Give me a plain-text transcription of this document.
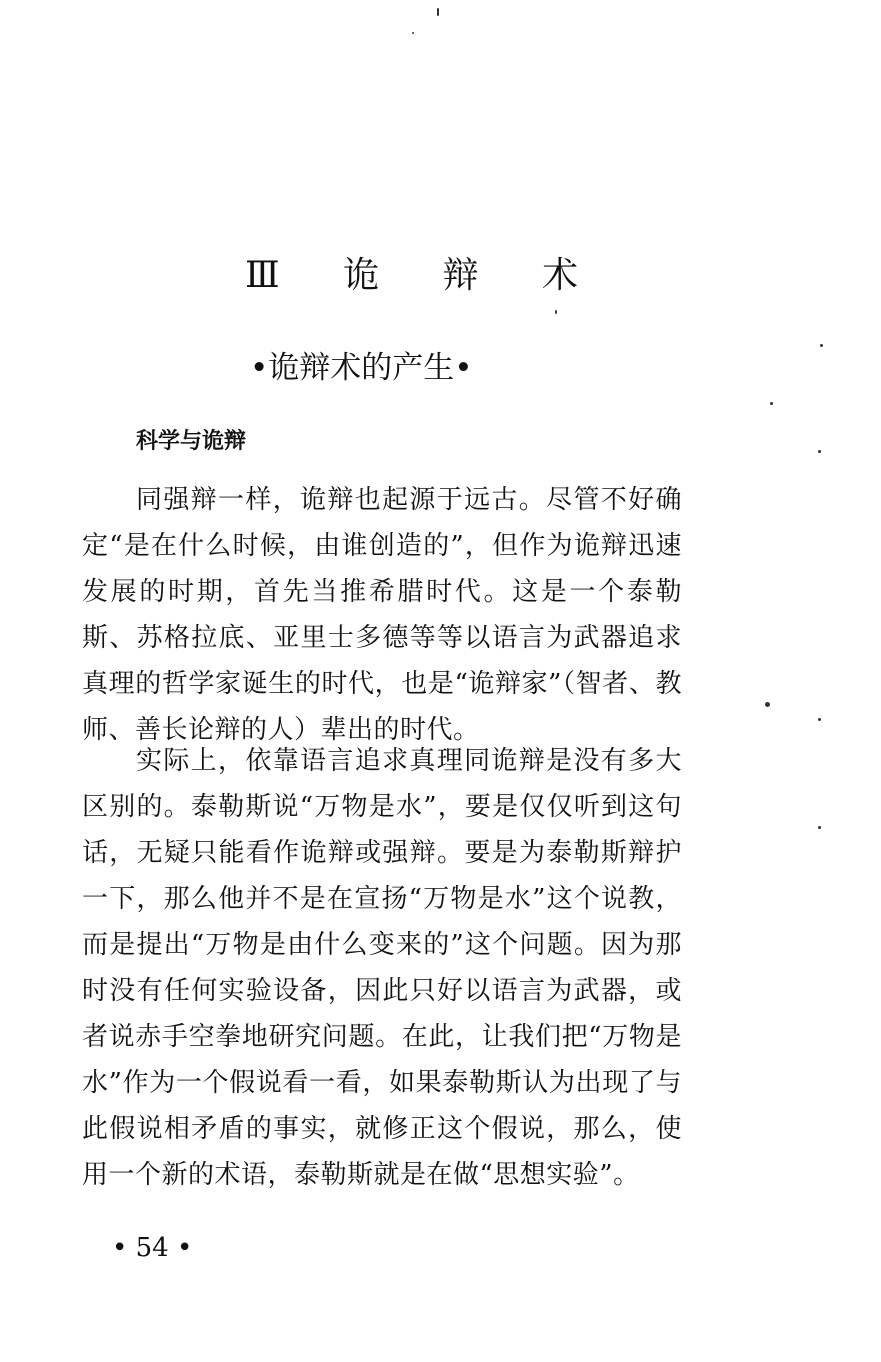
Ⅲ 诡 辩 术
•诡辩术的产生•
科学与诡辩

同强辩一样，诡辩也起源于远古。尽管不好确定“是在什么时候，由谁创造的”，但作为诡辩迅速发展的时期，首先当推希腊时代。这是一个泰勒斯、苏格拉底、亚里士多德等等以语言为武器追求真理的哲学家诞生的时代，也是“诡辩家”（智者、教师、善长论辩的人）辈出的时代。

实际上，依靠语言追求真理同诡辩是没有多大区别的。泰勒斯说“万物是水”，要是仅仅听到这句话，无疑只能看作诡辩或强辩。要是为泰勒斯辩护一下，那么他并不是在宣扬“万物是水”这个说教，而是提出“万物是由什么变来的”这个问题。因为那时没有任何实验设备，因此只好以语言为武器，或者说赤手空拳地研究问题。在此，让我们把“万物是水”作为一个假说看一看，如果泰勒斯认为出现了与此假说相矛盾的事实，就修正这个假说，那么，使用一个新的术语，泰勒斯就是在做“思想实验”。

• 54 •
